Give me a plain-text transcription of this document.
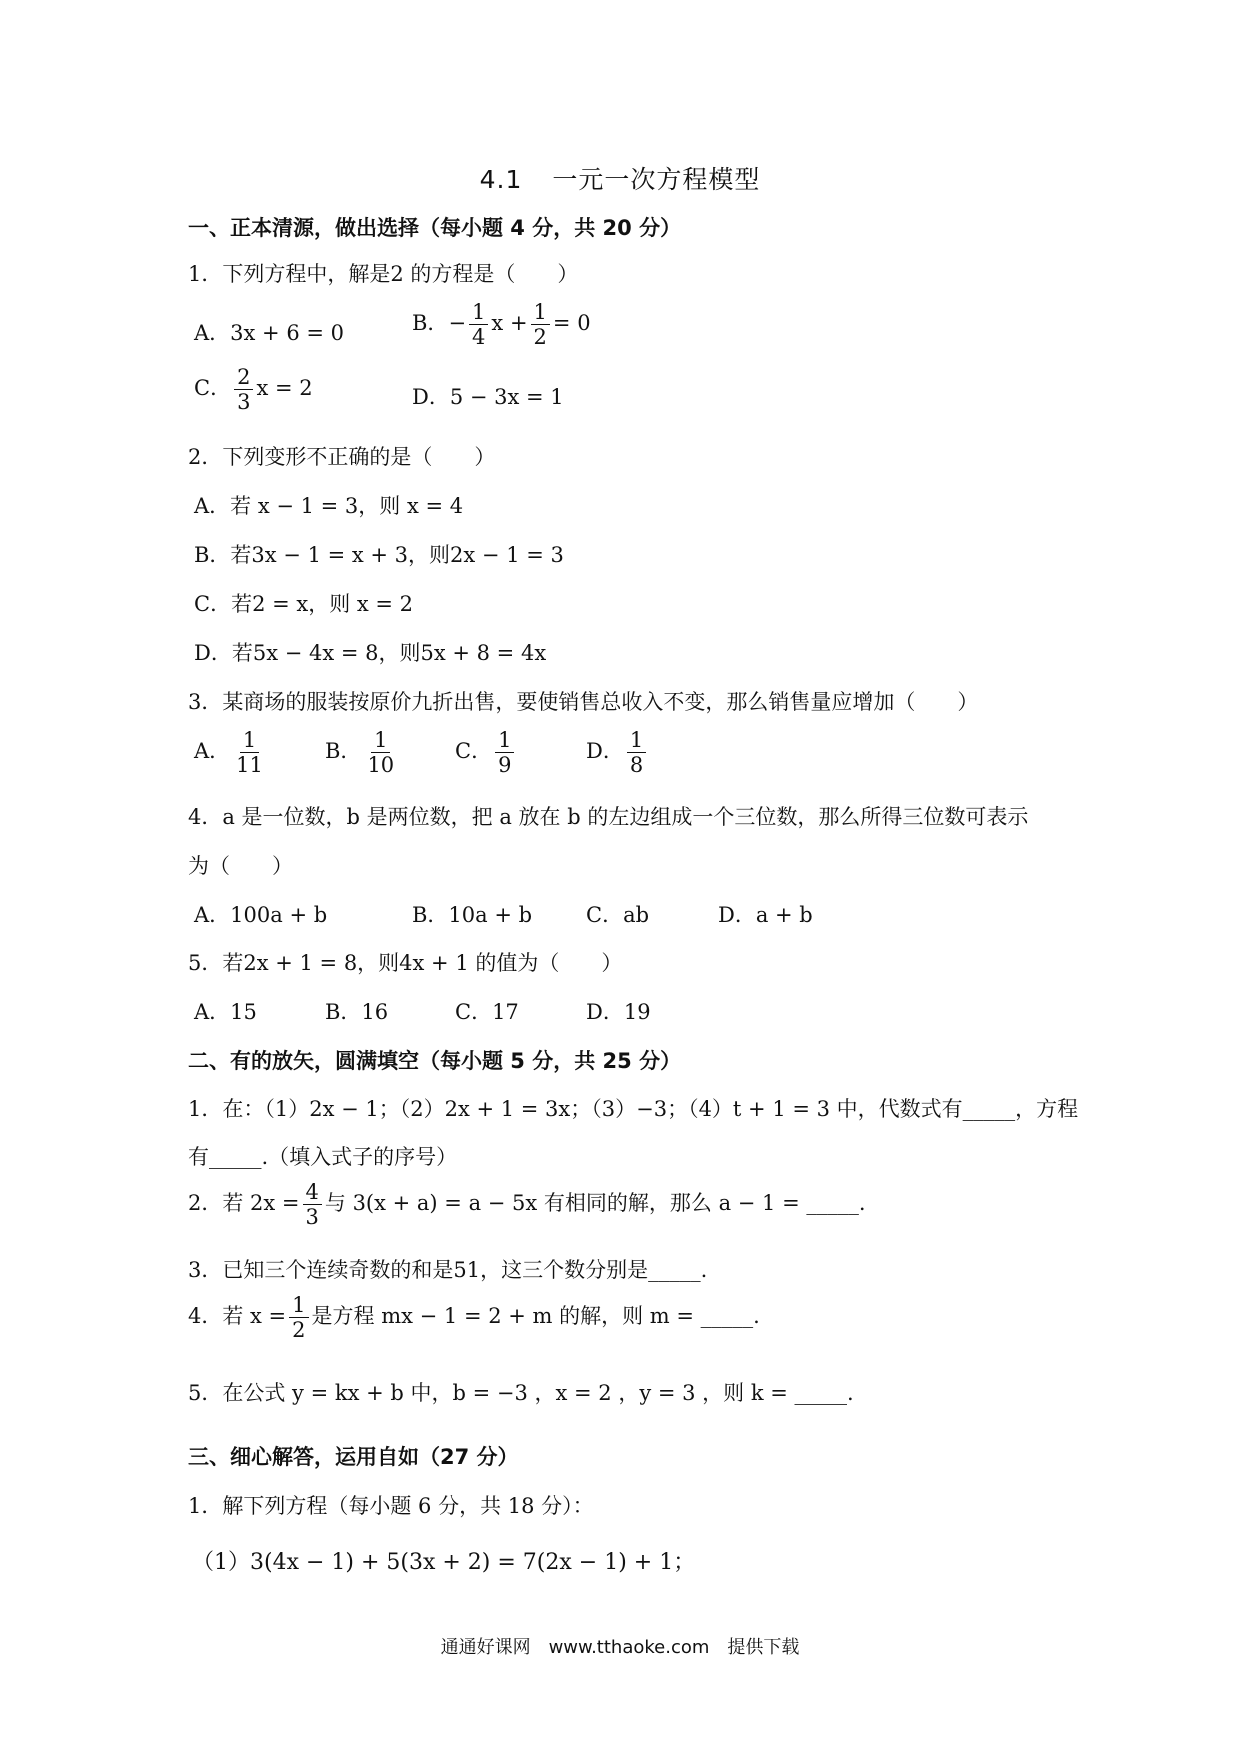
4.1 一元一次方程模型
一、正本清源，做出选择（每小题 4 分，共 20 分）
1．下列方程中，解是2 的方程是（　　）
A．3x + 6 = 0	B．− $\frac{1}{4}$ $x + \frac{1}{2} = 0$
C． $\frac{2}{3}$ x = 2	D．5 − 3x = 1
2．下列变形不正确的是（　　）
A．若 x − 1 = 3，则 x = 4
B．若3x − 1 = x + 3，则2x − 1 = 3
C．若2 = x，则 x = 2
D．若5x − 4x = 8，则5x + 8 = 4x
3．某商场的服装按原价九折出售，要使销售总收入不变，那么销售量应增加（　　）
A． $\frac{1}{11}$	B． $\frac{1}{10}$	C． $\frac{1}{9}$	D． $\frac{1}{8}$
4．a 是一位数，b 是两位数，把 a 放在 b 的左边组成一个三位数，那么所得三位数可表示
为（　　）
A．100a + b	B．10a + b	C．ab	D．a + b
5．若2x + 1 = 8，则4x + 1 的值为（　　）
A．15	B．16	C．17	D．19
二、有的放矢，圆满填空（每小题 5 分，共 25 分）
1．在：（1）2x − 1；（2）2x + 1 = 3x；（3）−3；（4）t + 1 = 3 中，代数式有_____，方程
有_____.（填入式子的序号）
2．若 $2x = \frac{4}{3}$ 与 3(x + a) = a − 5x 有相同的解，那么 a − 1 = _____.
3．已知三个连续奇数的和是51，这三个数分别是_____.
4．若 $x = \frac{1}{2}$ 是方程 mx − 1 = 2 + m 的解，则 m = _____.
5．在公式 y = kx + b 中，b = −3 ，x = 2 ，y = 3 ，则 k = _____.
三、细心解答，运用自如（27 分）
1．解下列方程（每小题 6 分，共 18 分）：
（1）3(4x − 1) + 5(3x + 2) = 7(2x − 1) + 1；
通通好课网　www.tthaoke.com　提供下载
